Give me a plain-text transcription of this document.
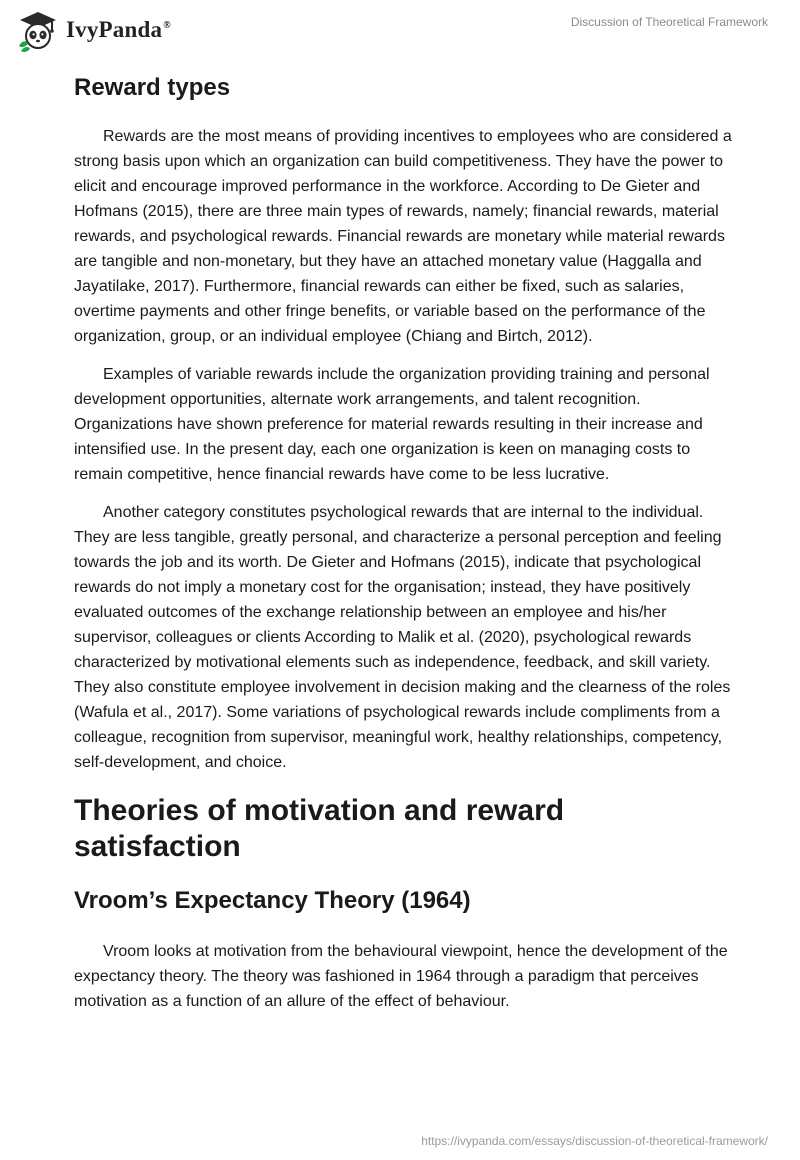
IvyPanda®	Discussion of Theoretical Framework
Reward types

Rewards are the most means of providing incentives to employees who are considered a strong basis upon which an organization can build competitiveness. They have the power to elicit and encourage improved performance in the workforce. According to De Gieter and Hofmans (2015), there are three main types of rewards, namely; financial rewards, material rewards, and psychological rewards. Financial rewards are monetary while material rewards are tangible and non-monetary, but they have an attached monetary value (Haggalla and Jayatilake, 2017). Furthermore, financial rewards can either be fixed, such as salaries, overtime payments and other fringe benefits, or variable based on the performance of the organization, group, or an individual employee (Chiang and Birtch, 2012).

Examples of variable rewards include the organization providing training and personal development opportunities, alternate work arrangements, and talent recognition. Organizations have shown preference for material rewards resulting in their increase and intensified use. In the present day, each one organization is keen on managing costs to remain competitive, hence financial rewards have come to be less lucrative.

Another category constitutes psychological rewards that are internal to the individual. They are less tangible, greatly personal, and characterize a personal perception and feeling towards the job and its worth. De Gieter and Hofmans (2015), indicate that psychological rewards do not imply a monetary cost for the organisation; instead, they have positively evaluated outcomes of the exchange relationship between an employee and his/her supervisor, colleagues or clients According to Malik et al. (2020), psychological rewards characterized by motivational elements such as independence, feedback, and skill variety. They also constitute employee involvement in decision making and the clearness of the roles (Wafula et al., 2017). Some variations of psychological rewards include compliments from a colleague, recognition from supervisor, meaningful work, healthy relationships, competency, self-development, and choice.

Theories of motivation and reward satisfaction
Vroom’s Expectancy Theory (1964)

Vroom looks at motivation from the behavioural viewpoint, hence the development of the expectancy theory. The theory was fashioned in 1964 through a paradigm that perceives motivation as a function of an allure of the effect of behaviour.

https://ivypanda.com/essays/discussion-of-theoretical-framework/
